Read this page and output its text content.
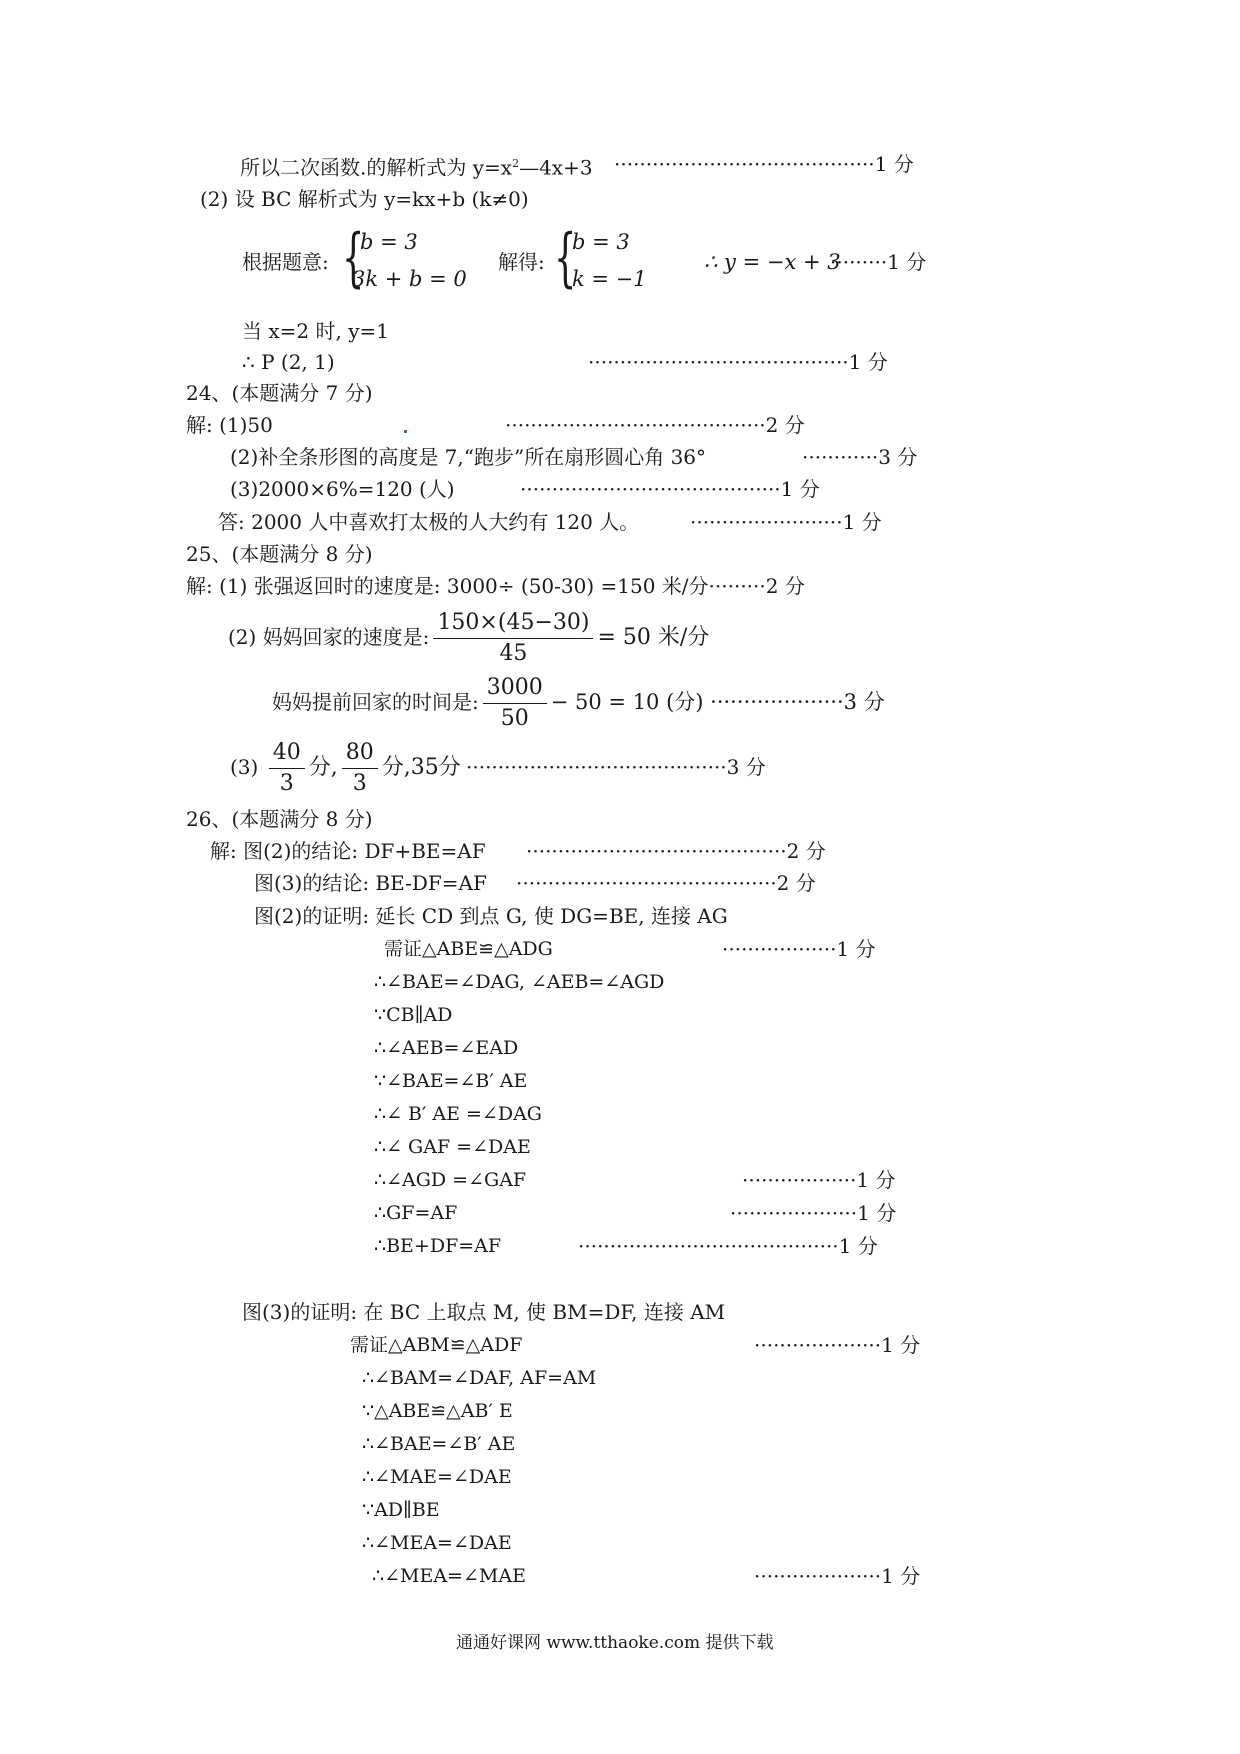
所以二次函数.的解析式为 $y=x^2—4x+3 \cdot\cdot\cdot\cdot\cdot\cdot\cdot\cdot\cdot\cdot\cdot\cdot\cdot\cdot\cdot\cdot\cdot\cdot\cdot\cdot\cdot\cdot\cdot\cdot\cdot\cdot\cdot\cdot\cdot\cdot\cdot\cdot\cdot\cdot\cdot\cdot\cdot\cdot\cdot\cdot\cdot 1$ 分
(2) 设 BC 解析式为 y=kx+b (k≠0)
根据题意: {
b = 3
3k + b = 0
解得: {
b = 3
k = −1
∴ y = −x + 3
·········1 分
当 x=2 时, y=1
∴ P (2, 1)	·········································1 分
24、(本题满分 7 分)
解: (1)50	·········································2 分
(2)补全条形图的高度是 7,“跑步”所在扇形圆心角 36°	············3 分
(3)2000×6%=120 (人)	·········································1 分
答: 2000 人中喜欢打太极的人大约有 120 人。	························1 分
25、(本题满分 8 分)
解: (1) 张强返回时的速度是: 3000÷ (50-30) =150 米/分·········2 分
(2) 妈妈回家的速度是: $\frac{150\times(45-30)}{45} = 50$ 米/分
妈妈提前回家的时间是: $\frac{3000}{50} - 50 = 10$ (分) ····················3 分
$(3) \frac{40}{3}$ 分, $\frac{80}{3}$ 分,35分 ·········································3 分
26、(本题满分 8 分)
解: 图(2)的结论: DF+BE=AF ·········································2 分
图(3)的结论: BE-DF=AF ·········································2 分
图(2)的证明: 延长 CD 到点 G, 使 DG=BE, 连接 AG
需证△ABE≌△ADG	··················1 分
∴∠BAE=∠DAG, ∠AEB=∠AGD
∵CB∥AD
∴∠AEB=∠EAD
∵∠BAE=∠B′ AE
∴∠ B′ AE =∠DAG
∴∠ GAF =∠DAE
∴∠AGD =∠GAF	··················1 分
∴GF=AF	····················1 分
∴BE+DF=AF	·········································1 分
图(3)的证明: 在 BC 上取点 M, 使 BM=DF, 连接 AM
需证△ABM≌△ADF	····················1 分
∴∠BAM=∠DAF, AF=AM
∵△ABE≌△AB′ E
∴∠BAE=∠B′ AE
∴∠MAE=∠DAE
∵AD∥BE
∴∠MEA=∠DAE
∴∠MEA=∠MAE	····················1 分
通通好课网 www.tthaoke.com 提供下载
